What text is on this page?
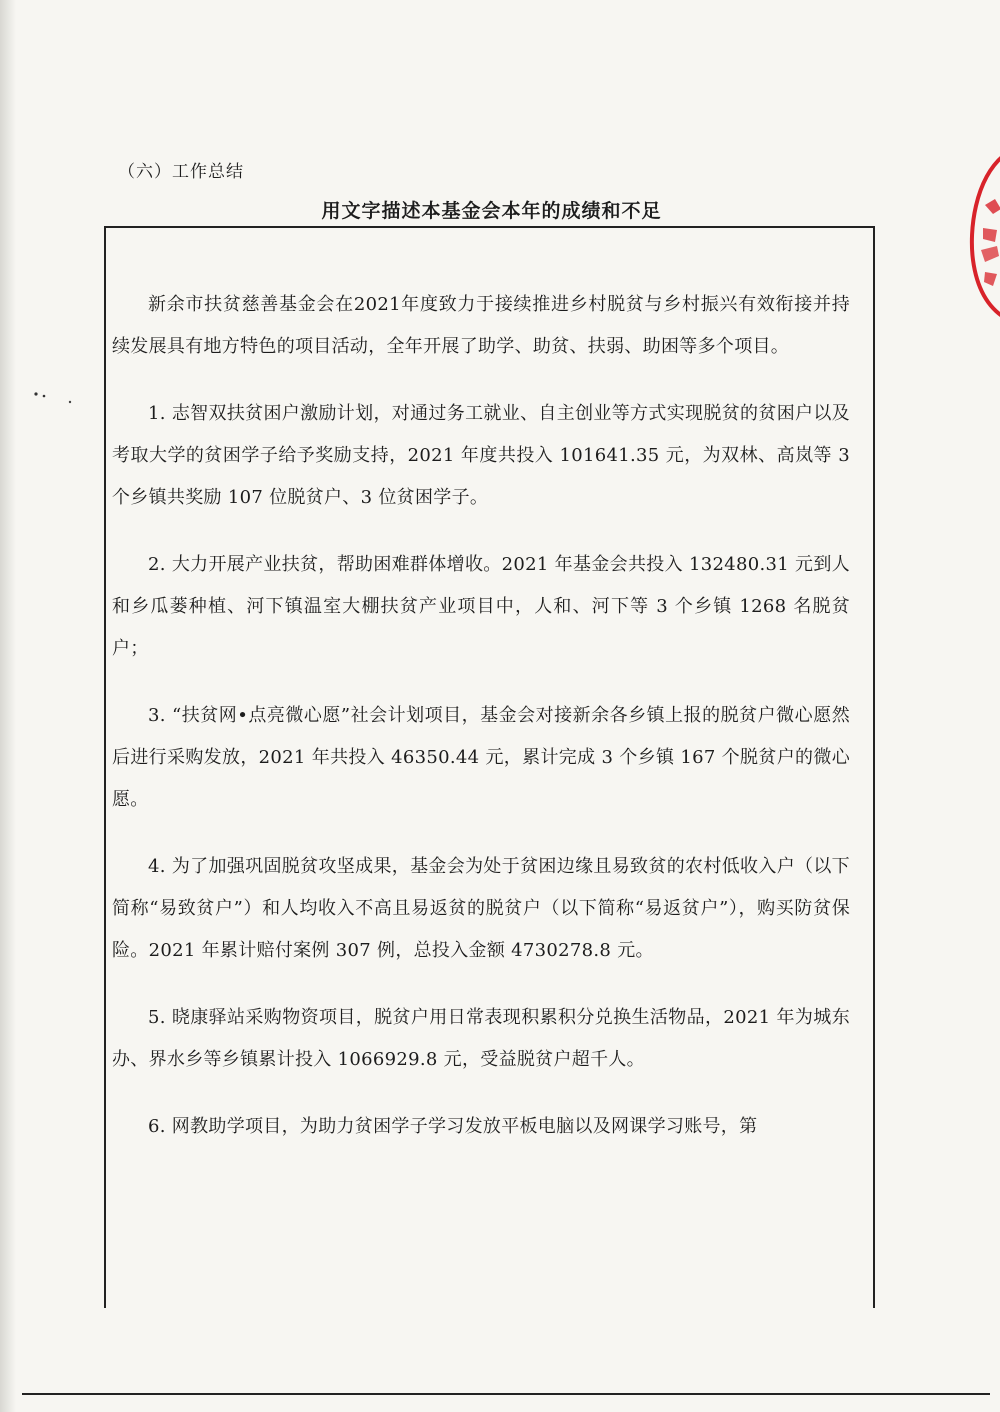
（六）工作总结
用文字描述本基金会本年的成绩和不足

新余市扶贫慈善基金会在2021年度致力于接续推进乡村脱贫与乡村振兴有效衔接并持续发展具有地方特色的项目活动，全年开展了助学、助贫、扶弱、助困等多个项目。

1. 志智双扶贫困户激励计划，对通过务工就业、自主创业等方式实现脱贫的贫困户以及考取大学的贫困学子给予奖励支持，2021 年度共投入 101641.35 元，为双林、高岚等 3 个乡镇共奖励 107 位脱贫户、3 位贫困学子。

2. 大力开展产业扶贫，帮助困难群体增收。2021 年基金会共投入 132480.31 元到人和乡瓜蒌种植、河下镇温室大棚扶贫产业项目中，人和、河下等 3 个乡镇 1268 名脱贫户；

3. “扶贫网•点亮微心愿”社会计划项目，基金会对接新余各乡镇上报的脱贫户微心愿然后进行采购发放，2021 年共投入 46350.44 元，累计完成 3 个乡镇 167 个脱贫户的微心愿。

4. 为了加强巩固脱贫攻坚成果，基金会为处于贫困边缘且易致贫的农村低收入户（以下简称“易致贫户”）和人均收入不高且易返贫的脱贫户（以下简称“易返贫户”），购买防贫保险。2021 年累计赔付案例 307 例，总投入金额 4730278.8 元。

5. 晓康驿站采购物资项目，脱贫户用日常表现积累积分兑换生活物品，2021 年为城东办、界水乡等乡镇累计投入 1066929.8 元，受益脱贫户超千人。

6. 网教助学项目，为助力贫困学子学习发放平板电脑以及网课学习账号，第
